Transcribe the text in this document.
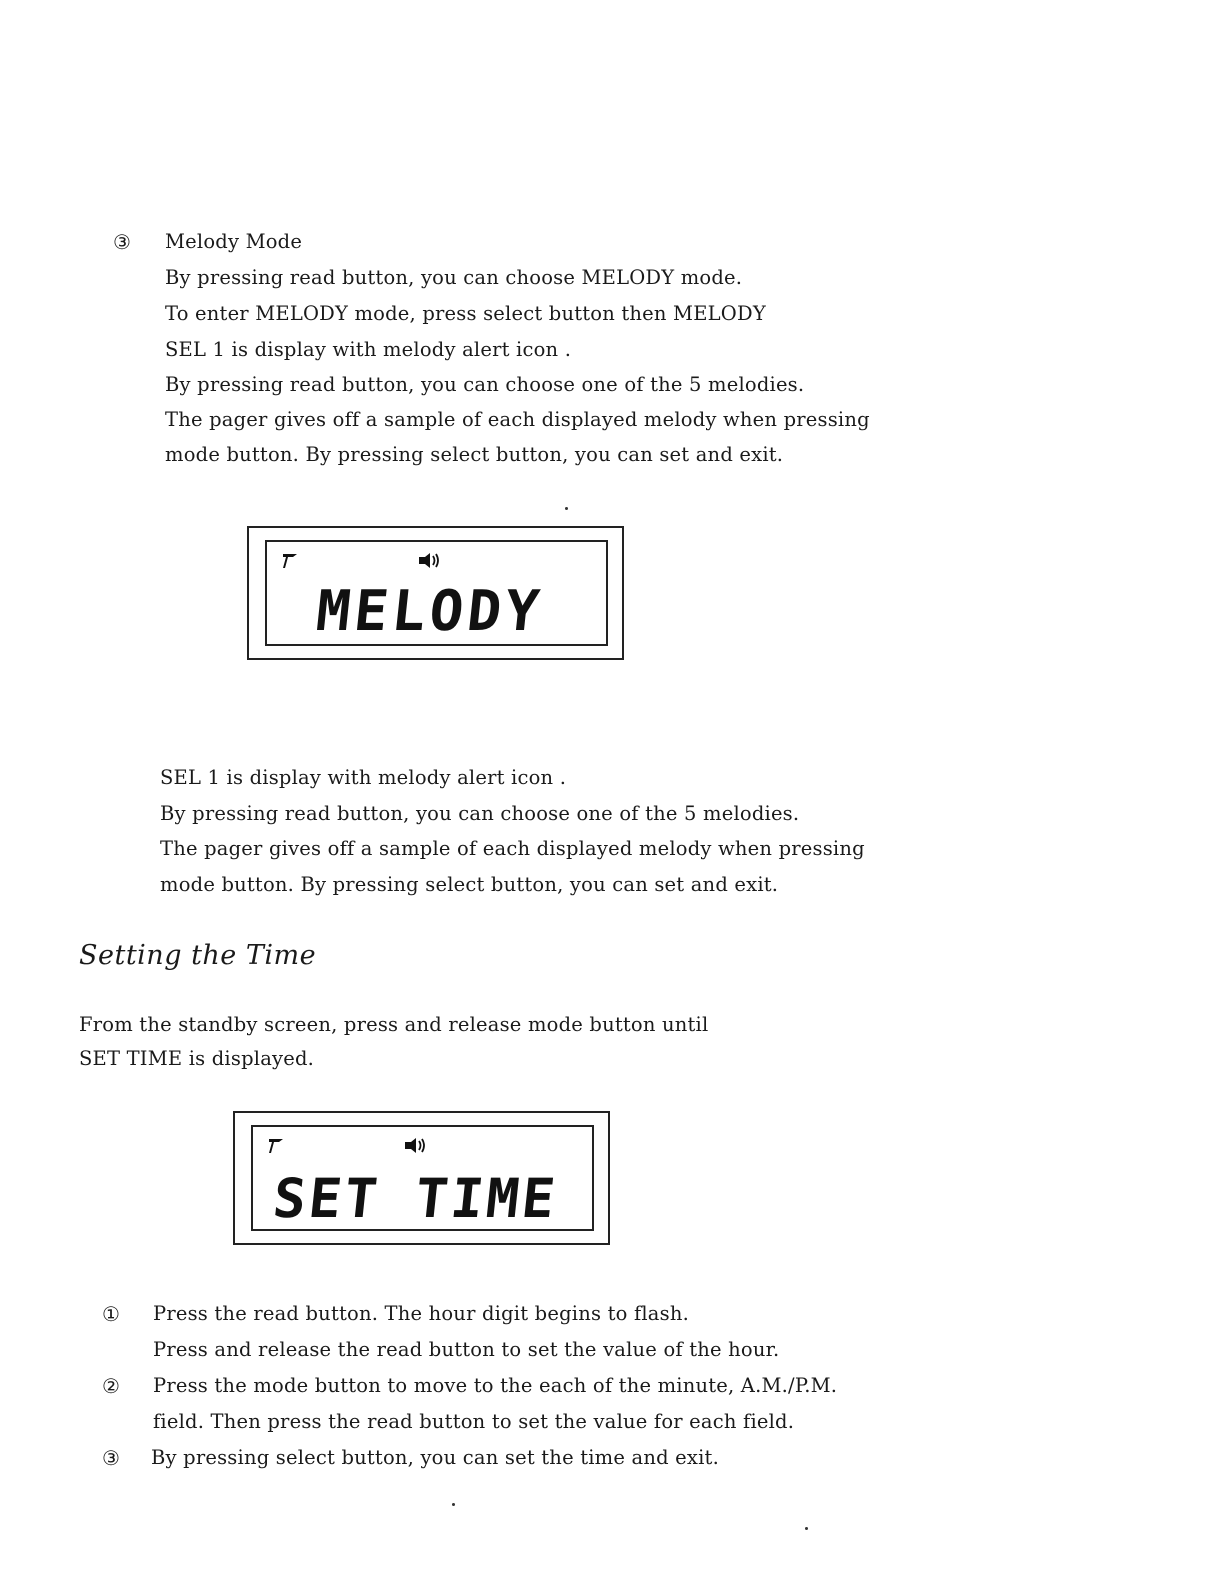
③ Melody Mode
By pressing read button, you can choose MELODY mode.
To enter MELODY mode, press select button then MELODY
SEL 1 is display with melody alert icon .
By pressing read button, you can choose one of the 5 melodies.
The pager gives off a sample of each displayed melody when pressing
mode button. By pressing select button, you can set and exit.
MELODY
SEL 1 is display with melody alert icon .
By pressing read button, you can choose one of the 5 melodies.
The pager gives off a sample of each displayed melody when pressing
mode button. By pressing select button, you can set and exit.
Setting the Time
From the standby screen, press and release mode button until
SET TIME is displayed.
SET TIME
① Press the read button. The hour digit begins to flash.
Press and release the read button to set the value of the hour.
② Press the mode button to move to the each of the minute, A.M./P.M.
field. Then press the read button to set the value for each field.
③ By pressing select button, you can set the time and exit.
